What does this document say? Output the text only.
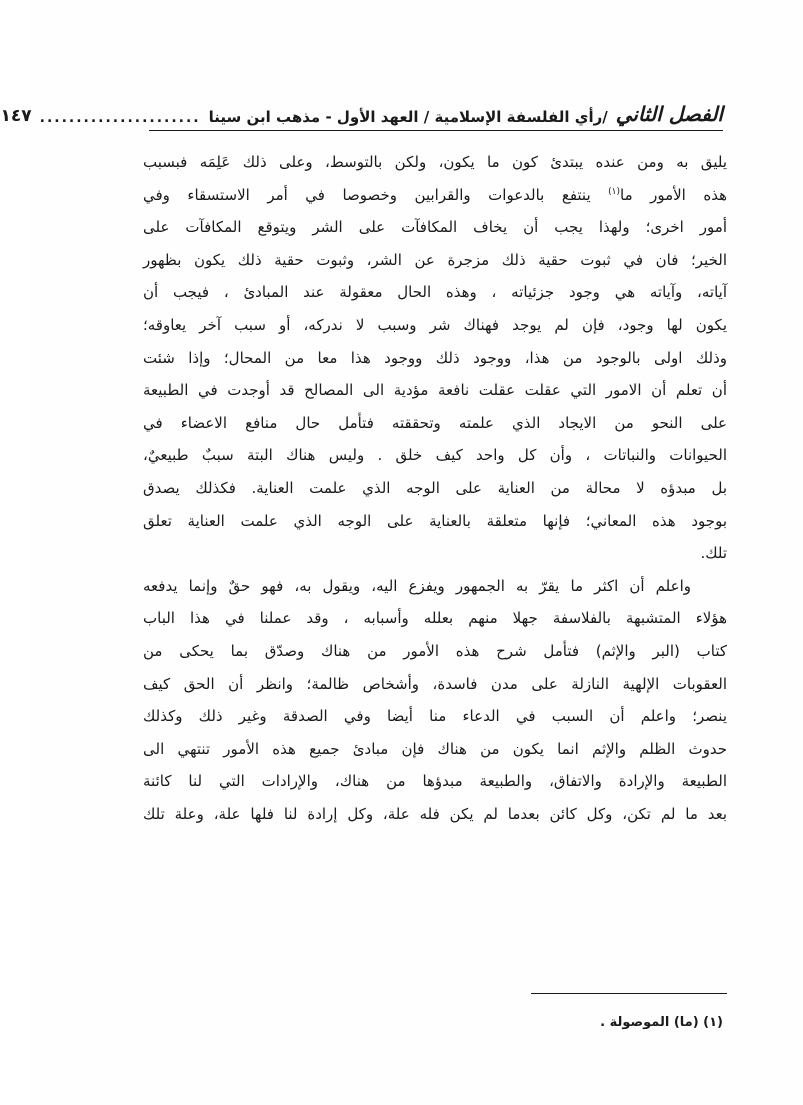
الفصل الثاني
/رأي الفلسفة الإسلامية / العهد الأول - مذهب ابن سينا
......................
١٤٧
يليق به ومن عنده يبتدئ كون ما يكون، ولكن بالتوسط، وعلى ذلك عَلِمَه فبسبب
هذه الأمور ما$^{(١)}$ ينتفع بالدعوات والقرابين وخصوصا في أمر الاستسقاء وفي
أمور اخرى؛ ولهذا يجب أن يخاف المكافآت على الشر ويتوقع المكافآت على
الخير؛ فان في ثبوت حقية ذلك مزجرة عن الشر، وثبوت حقية ذلك يكون بظهور
آياته، وآياته هي وجود جزئياته ، وهذه الحال معقولة عند المبادئ ، فيجب أن
يكون لها وجود، فإن لم يوجد فهناك شر وسبب لا ندركه، أو سبب آخر يعاوقه؛
وذلك اولى بالوجود من هذا، ووجود ذلك ووجود هذا معا من المحال؛ وإذا شئت
أن تعلم أن الامور التي عقلت عقلت نافعة مؤدية الى المصالح قد أوجدت في الطبيعة
على النحو من الايجاد الذي علمته وتحققته فتأمل حال منافع الاعضاء في
الحيوانات والنباتات ، وأن كل واحد كيف خلق . وليس هناك البتة سببٌ طبيعيٌ،
بل مبدؤه لا محالة من العناية على الوجه الذي علمت العناية. فكذلك يصدق
بوجود هذه المعاني؛ فإنها متعلقة بالعناية على الوجه الذي علمت العناية تعلق
تلك.
واعلم أن اكثر ما يقرّ به الجمهور ويفزع اليه، ويقول به، فهو حقٌ وإنما يدفعه
هؤلاء المتشبهة بالفلاسفة جهلا منهم بعلله وأسبابه ، وقد عملنا في هذا الباب
كتاب (البر والإثم) فتأمل شرح هذه الأمور من هناك وصدّق بما يحكى من
العقوبات الإلهية النازلة على مدن فاسدة، وأشخاص ظالمة؛ وانظر أن الحق كيف
ينصر؛ واعلم أن السبب في الدعاء منا أيضا وفي الصدقة وغير ذلك وكذلك
حدوث الظلم والإثم انما يكون من هناك فإن مبادئ جميع هذه الأمور تنتهي الى
الطبيعة والإرادة والاتفاق، والطبيعة مبدؤها من هناك، والإرادات التي لنا كائنة
بعد ما لم تكن، وكل كائن بعدما لم يكن فله علة، وكل إرادة لنا فلها علة، وعلة تلك
(١) (ما) الموصولة .
